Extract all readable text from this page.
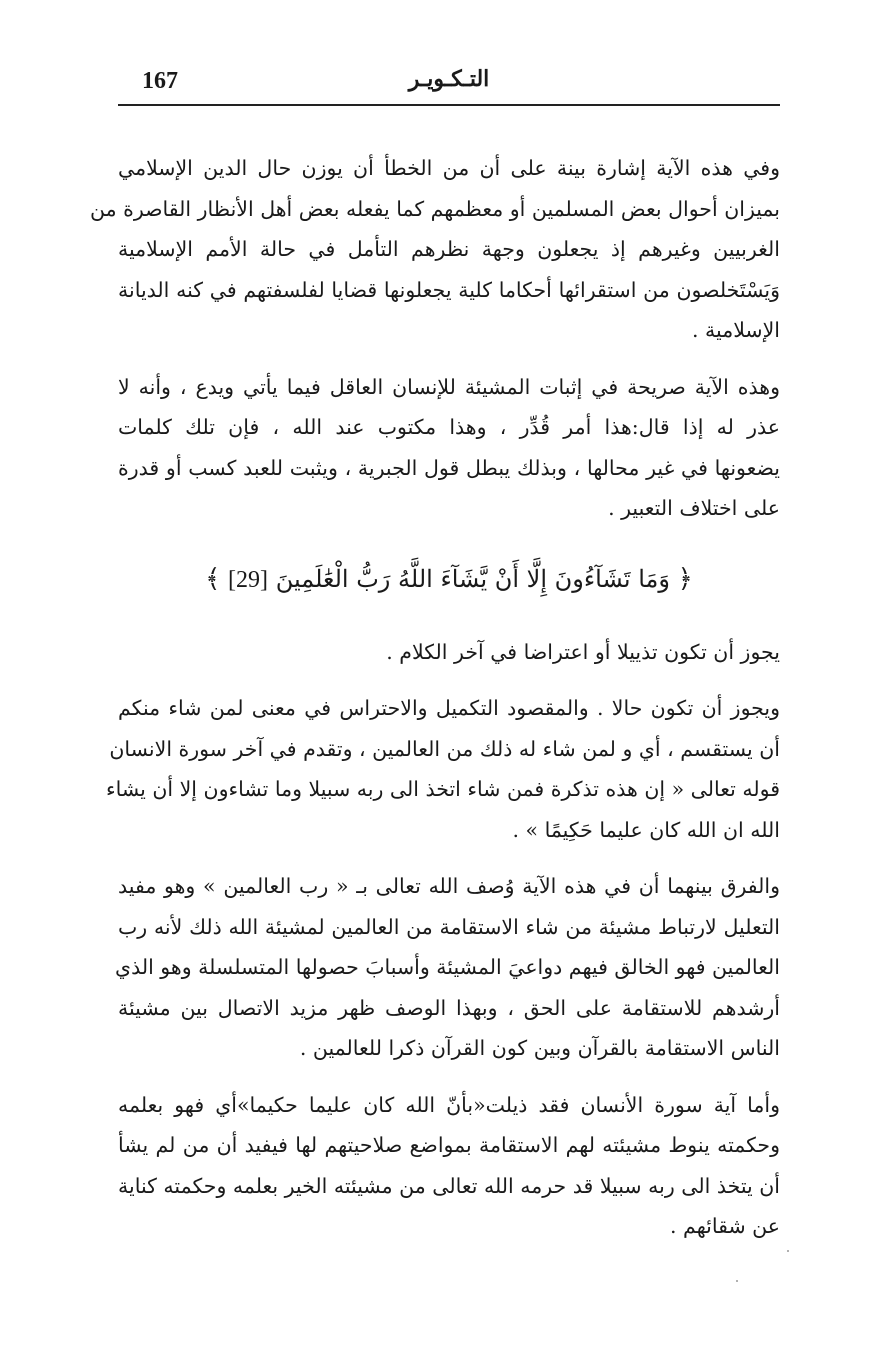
167	التـكـويـر

وفي هذه الآية إشارة بينة على أن من الخطأ أن يوزن حال الدين الإسلامي
بميزان أحوال بعض المسلمين أو معظمهم كما يفعله بعض أهل الأنظار القاصرة من
الغربيين وغيرهم إذ يجعلون وجهة نظرهم التأمل في حالة الأمم الإسلامية
وَيَسْتَخلصون من استقرائها أحكاما كلية يجعلونها قضايا لفلسفتهم في كنه الديانة
الإسلامية .

وهذه الآية صريحة في إثبات المشيئة للإنسان العاقل فيما يأتي ويدع ، وأنه لا
عذر له إذا قال:هذا أمر قُدِّر ، وهذا مكتوب عند الله ، فإن تلك كلمات
يضعونها في غير محالها ، وبذلك يبطل قول الجبرية ، ويثبت للعبد كسب أو قدرة
على اختلاف التعبير .

﴿ وَمَا تَشَآءُونَ إِلَّا أَنْ يَّشَآءَ اللَّهُ رَبُّ الْعَٰلَمِينَ [29] ﴾

يجوز أن تكون تذييلا أو اعتراضا في آخر الكلام .

ويجوز أن تكون حالا . والمقصود التكميل والاحتراس في معنى لمن شاء منكم
أن يستقسم ، أي و لمن شاء له ذلك من العالمين ، وتقدم في آخر سورة الانسان
قوله تعالى « إن هذه تذكرة فمن شاء اتخذ الى ربه سبيلا وما تشاءون إلا أن يشاء
الله ان الله كان عليما حَكِيمًا » .

والفرق بينهما أن في هذه الآية وُصف الله تعالى بـ « رب العالمين » وهو مفيد
التعليل لارتباط مشيئة من شاء الاستقامة من العالمين لمشيئة الله ذلك لأنه رب
العالمين فهو الخالق فيهم دواعيَ المشيئة وأسبابَ حصولها المتسلسلة وهو الذي
أرشدهم للاستقامة على الحق ، وبهذا الوصف ظهر مزيد الاتصال بين مشيئة
الناس الاستقامة بالقرآن وبين كون القرآن ذكرا للعالمين .

وأما آية سورة الأنسان فقد ذيلت«بأنّ الله كان عليما حكيما»أي فهو بعلمه
وحكمته ينوط مشيئته لهم الاستقامة بمواضع صلاحيتهم لها فيفيد أن من لم يشأ
أن يتخذ الى ربه سبيلا قد حرمه الله تعالى من مشيئته الخير بعلمه وحكمته كناية
عن شقائهم .
